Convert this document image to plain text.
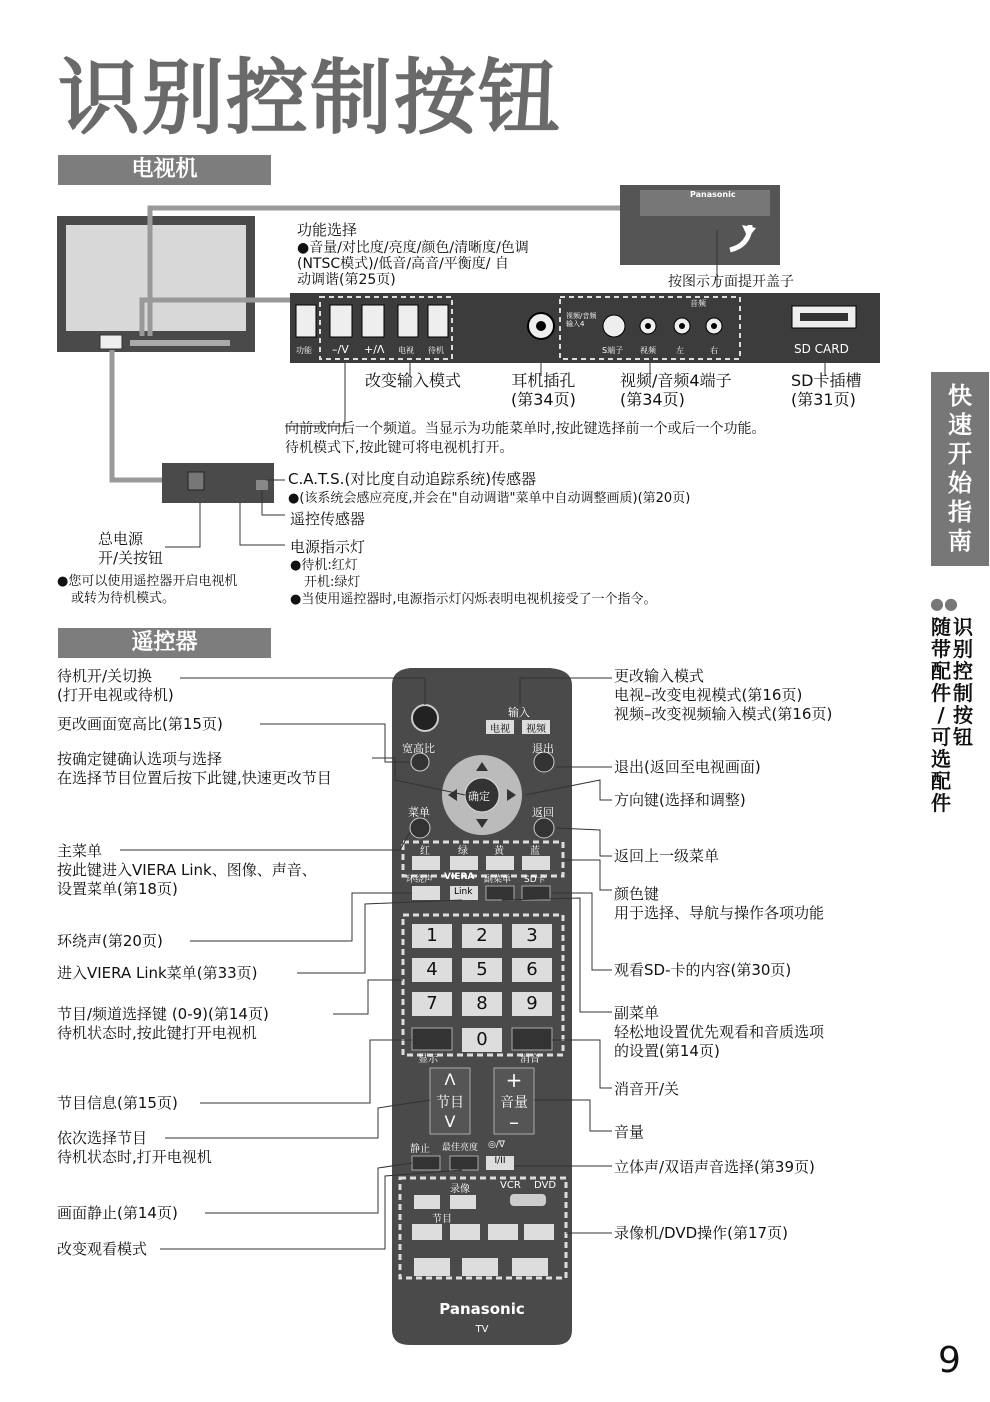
识别控制按钮
电视机
功能选择
●音量/对比度/亮度/颜色/清晰度/色调
(NTSC模式)/低音/高音/平衡度/ 自
动调谐(第25页)	按图示方面提开盖子
功能 –/V +/Λ 电视 待机
视频/音频 输入4
S端子 视频	左	右
音频
SD CARD
Panasonic
改变输入模式	耳机插孔
(第34页)
视频/音频4端子
(第34页)
SD卡插槽
(第31页)
向前或向后一个频道。当显示为功能菜单时,按此键选择前一个或后一个功能。
待机模式下,按此键可将电视机打开。
C.A.T.S.(对比度自动追踪系统)传感器
●(该系统会感应亮度,并会在"自动调谐"菜单中自动调整画质)(第20页)
遥控传感器
电源指示灯
●待机:红灯
开机:绿灯
●当使用遥控器时,电源指示灯闪烁表明电视机接受了一个指令。
总电源
开/关按钮
●您可以使用遥控器开启电视机
或转为待机模式。
遥控器
输入
电视	视频
宽高比	退出
确定
菜单	返回
红	绿	黄	蓝
环绕声 VIERA 副菜单 SD卡
Link
1	2	3
4	5	6
7	8	9
0
显示	消音
Λ
节目
V
+
音量
–
静止 最佳亮度 ◎/∇
I/II
录像	VCR DVD
节目
Panasonic
TV
待机开/关切换
(打开电视或待机)
更改画面宽高比(第15页)
按确定键确认选项与选择
在选择节目位置后按下此键,快速更改节目
主菜单
按此键进入VIERA Link、图像、声音、
设置菜单(第18页)
环绕声(第20页)
进入VIERA Link菜单(第33页)
节目/频道选择键 (0-9)(第14页)
待机状态时,按此键打开电视机
节目信息(第15页)
依次选择节目
待机状态时,打开电视机
画面静止(第14页)
改变观看模式
更改输入模式
电视–改变电视模式(第16页)
视频–改变视频输入模式(第16页)
退出(返回至电视画面)
方向键(选择和调整)
返回上一级菜单
颜色键
用于选择、导航与操作各项功能
观看SD-卡的内容(第30页)
副菜单
轻松地设置优先观看和音质选项
的设置(第14页)
消音开/关
音量
立体声/双语声音选择(第39页)
录像机/DVD操作(第17页)
快
速
开
始
指
南
●●
随
带
配
件
/
可
选
配
件
识
别
控
制
按
钮
9
